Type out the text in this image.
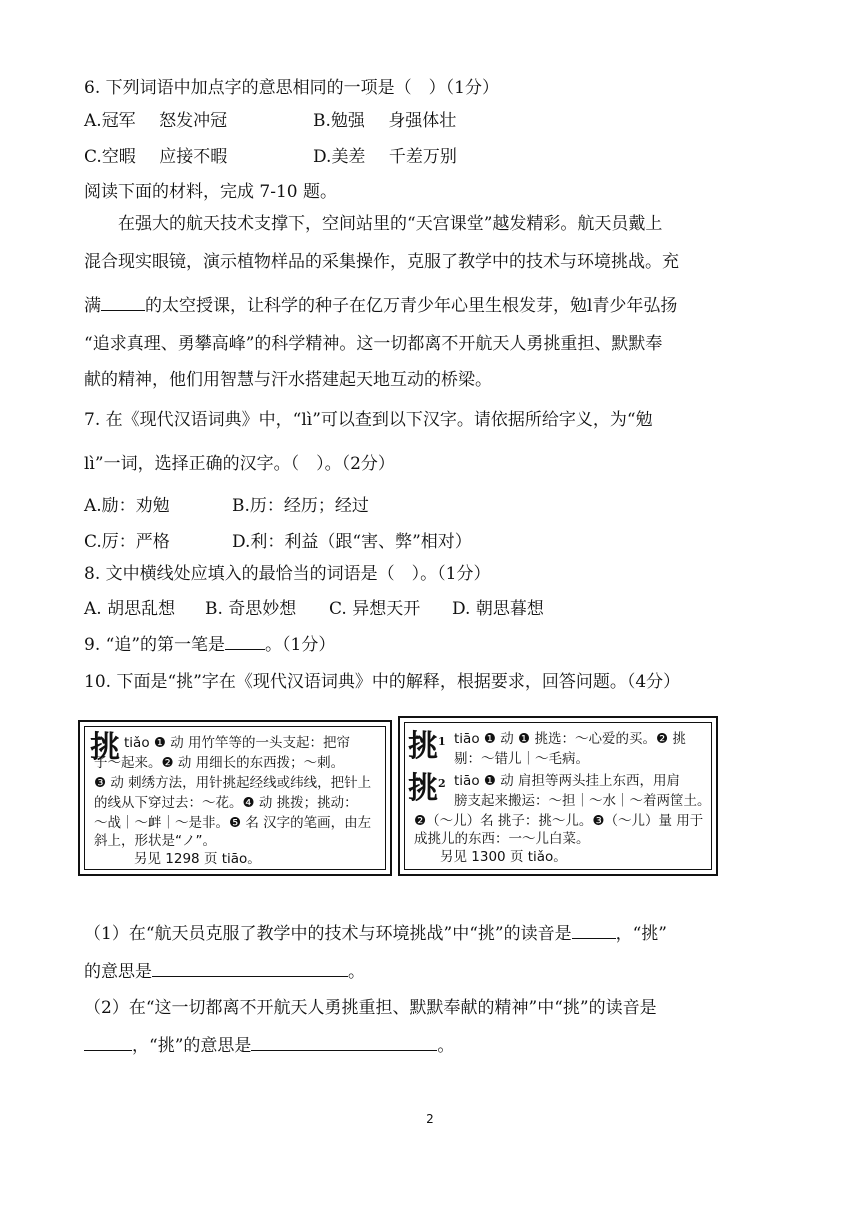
6. 下列词语中加点字的意思相同的一项是（　）（1分）
A.冠军 怒发冲冠	B.勉强 身强体壮
C.空暇 应接不暇	D.美差 千差万别
阅读下面的材料，完成 7-10 题。
在强大的航天技术支撑下，空间站里的“天宫课堂”越发精彩。航天员戴上
混合现实眼镜，演示植物样品的采集操作，克服了教学中的技术与环境挑战。充
满	的太空授课，让科学的种子在亿万青少年心里生根发芽，勉l青少年弘扬
“追求真理、勇攀高峰”的科学精神。这一切都离不开航天人勇挑重担、默默奉
献的精神，他们用智慧与汗水搭建起天地互动的桥梁。
7. 在《现代汉语词典》中，“lì”可以查到以下汉字。请依据所给字义，为“勉
lì”一词，选择正确的汉字。（　）。（2分）
A.励：劝勉	B.历：经历；经过
C.厉：严格	D.利：利益（跟“害、弊”相对）
8. 文中横线处应填入的最恰当的词语是（　）。（1分）
A. 胡思乱想 B. 奇思妙想 C. 异想天开 D. 朝思暮想
9. “追”的第一笔是 。（1分）
10. 下面是“挑”字在《现代汉语词典》中的解释，根据要求，回答问题。（4分）
挑 tiǎo ❶ 动 用竹竿等的一头支起：把帘
子～起来。❷ 动 用细长的东西拨；～刺。
❸ 动 刺绣方法，用针挑起经线或纬线，把针上
的线从下穿过去：～花。❹ 动 挑拨；挑动：
～战｜～衅｜～是非。❺ 名 汉字的笔画，由左
斜上，形状是“ノ”。
另见 1298 页 tiāo。
挑$^1$ tiāo ❶ 动 ❶ 挑选：～心爱的买。❷ 挑
剔：～错儿｜～毛病。
挑$^2$ tiāo ❶ 动 肩担等两头挂上东西，用肩
膀支起来搬运：～担｜～水｜～着两筐土。
❷（～儿）名 挑子：挑～儿。❸（～儿）量 用于
成挑儿的东西：一～儿白菜。
另见 1300 页 tiǎo。
（1）在“航天员克服了教学中的技术与环境挑战”中“挑”的读音是	，“挑”
的意思是	。
（2）在“这一切都离不开航天人勇挑重担、默默奉献的精神”中“挑”的读音是
，“挑”的意思是	。
2
